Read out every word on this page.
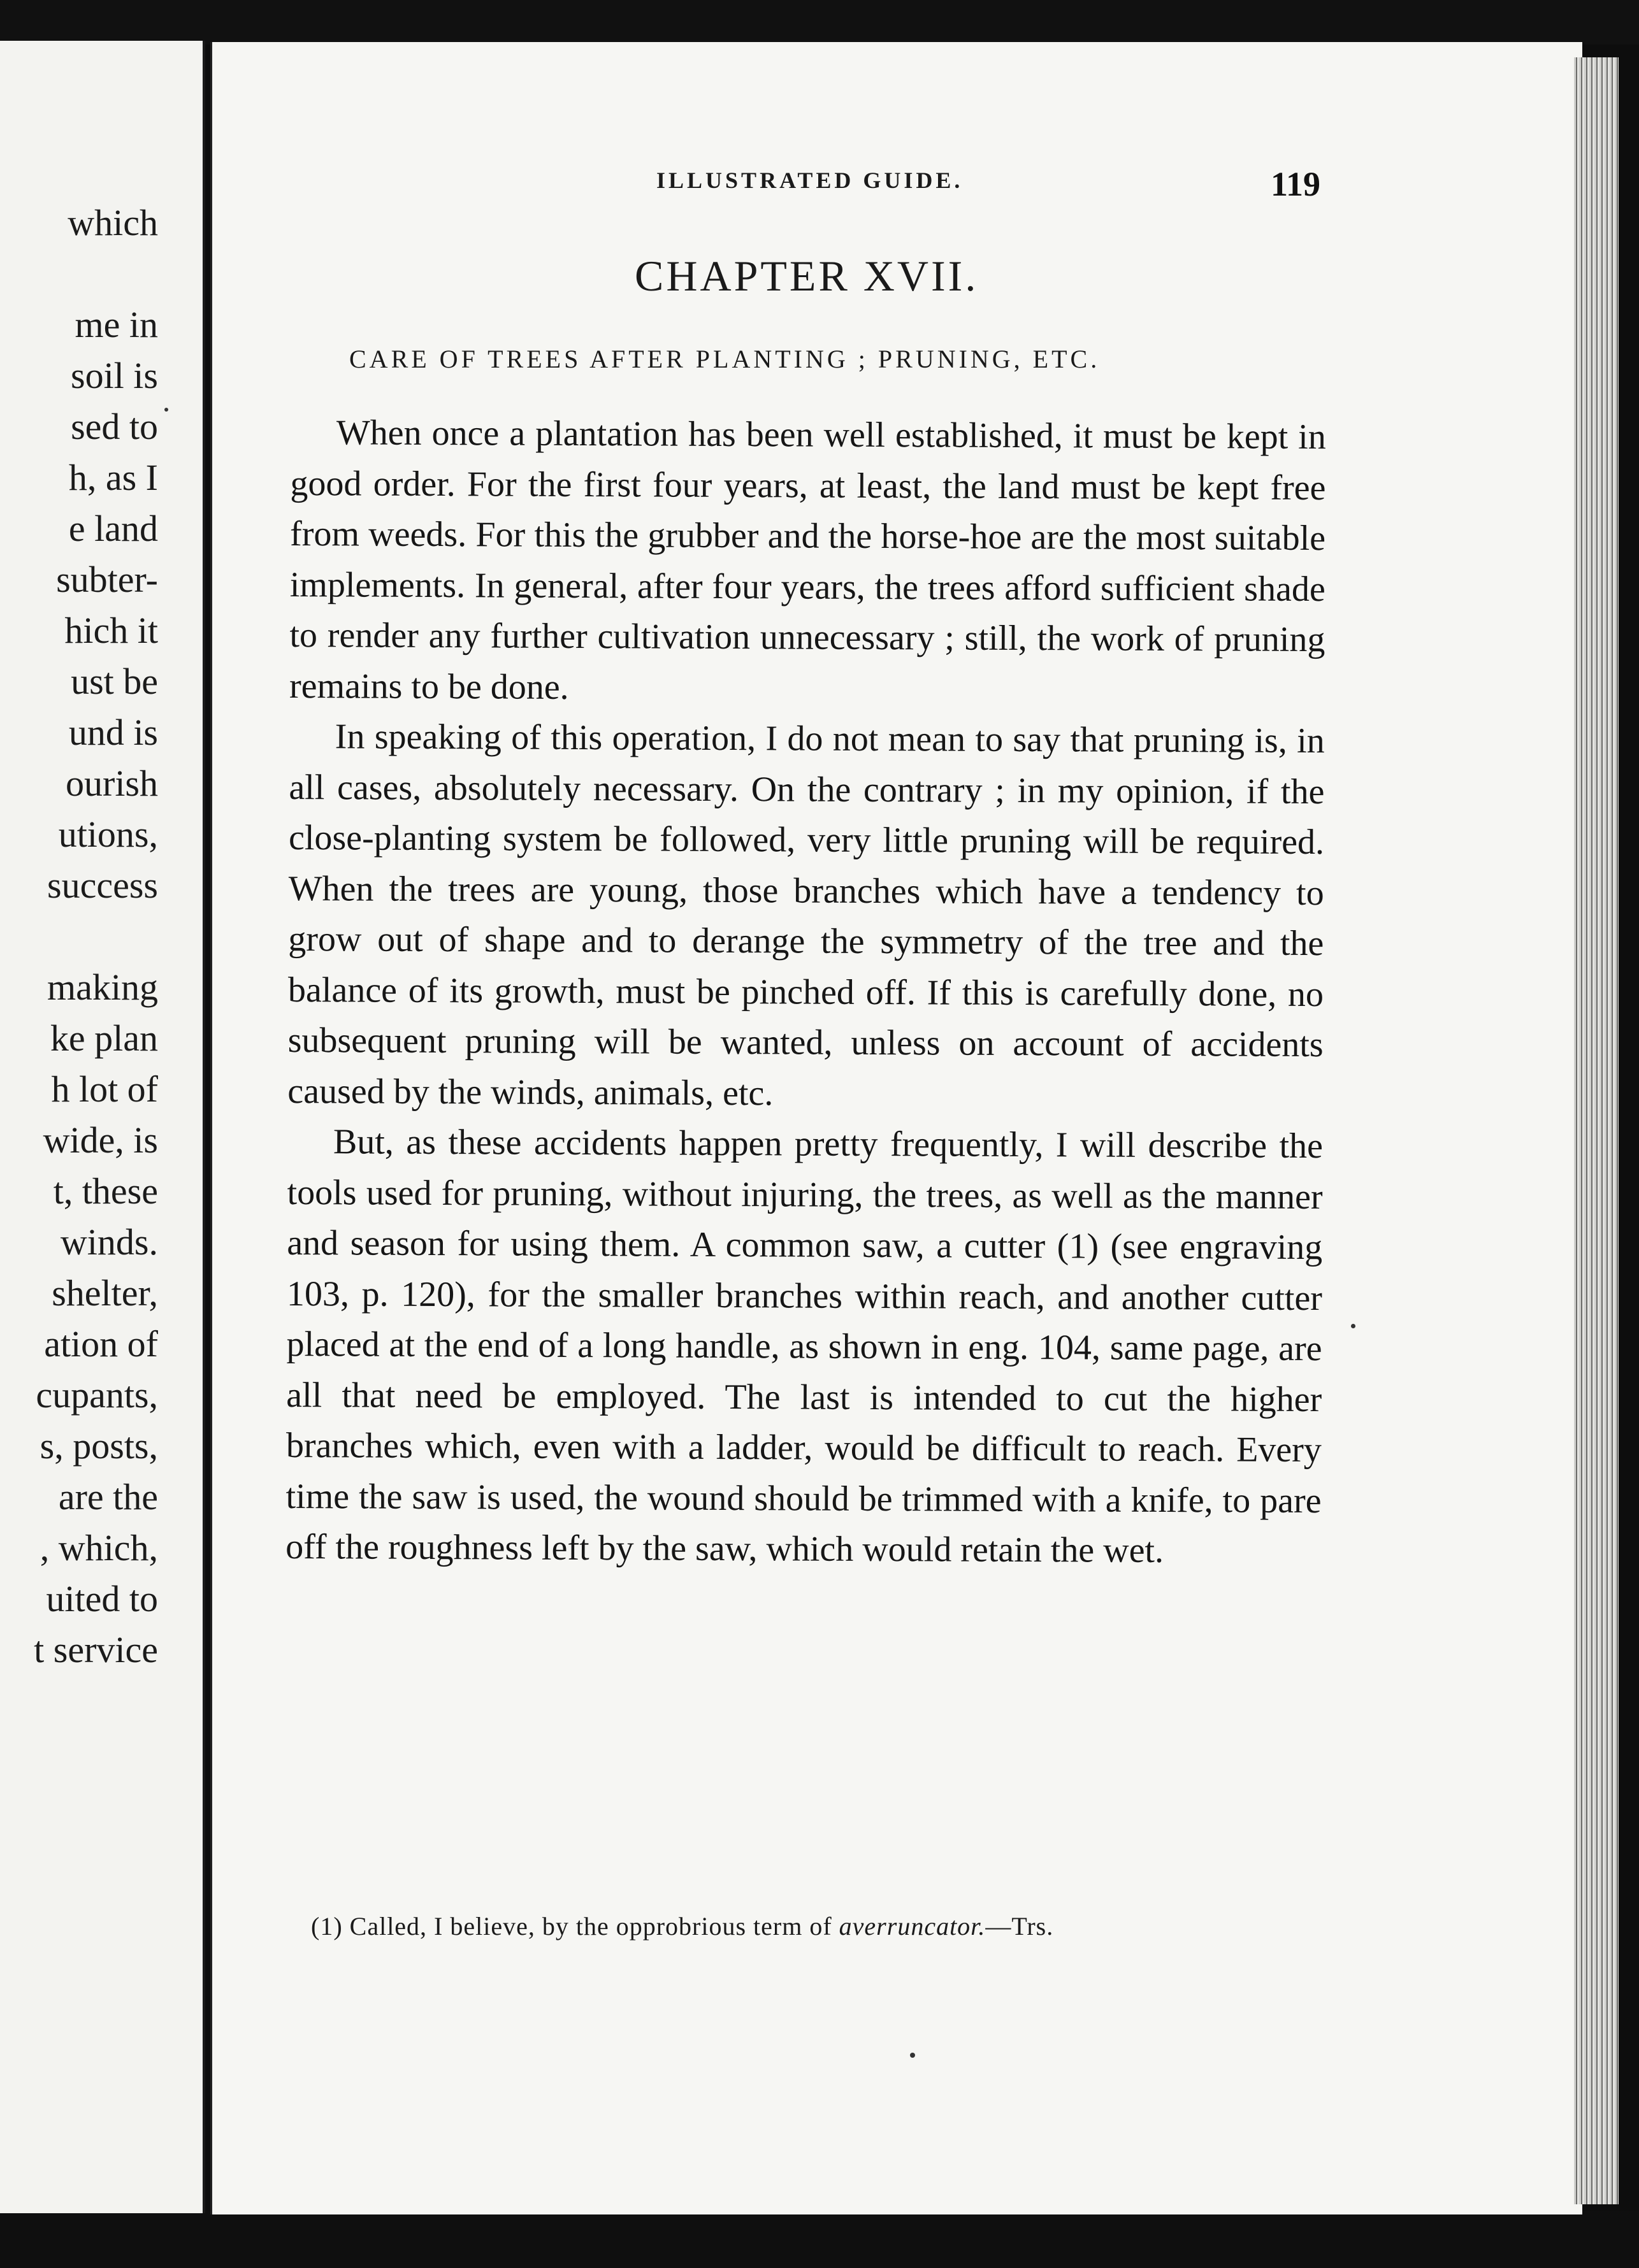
which
me in
soil is
sed to
h, as I
e land
subter-
hich it
ust be
und is
ourish
utions,
success
making
ke plan
h lot of
wide, is
t, these
winds.
shelter,
ation of
cupants,
s, posts,
are the
, which,
uited to
t service
ILLUSTRATED GUIDE.	119
CHAPTER XVII.
CARE OF TREES AFTER PLANTING ; PRUNING, ETC.

When once a plantation has been well established, it must be kept in good order. For the first four years, at least, the land must be kept free from weeds. For this the grubber and the horse-hoe are the most suitable implements. In general, after four years, the trees afford sufficient shade to render any further cultivation unnecessary ; still, the work of pruning remains to be done.

In speaking of this operation, I do not mean to say that pruning is, in all cases, absolutely necessary. On the contrary ; in my opinion, if the close-planting system be followed, very little pruning will be required. When the trees are young, those branches which have a tendency to grow out of shape and to derange the symmetry of the tree and the balance of its growth, must be pinched off. If this is carefully done, no subsequent pruning will be wanted, unless on account of accidents caused by the winds, animals, etc.

But, as these accidents happen pretty frequently, I will describe the tools used for pruning, without injuring, the trees, as well as the manner and season for using them. A common saw, a cutter (1) (see engraving 103, p. 120), for the smaller branches within reach, and another cutter placed at the end of a long handle, as shown in eng. 104, same page, are all that need be employed. The last is intended to cut the higher branches which, even with a ladder, would be difficult to reach. Every time the saw is used, the wound should be trimmed with a knife, to pare off the roughness left by the saw, which would retain the wet.

(1) Called, I believe, by the opprobrious term of averruncator.—Trs.
